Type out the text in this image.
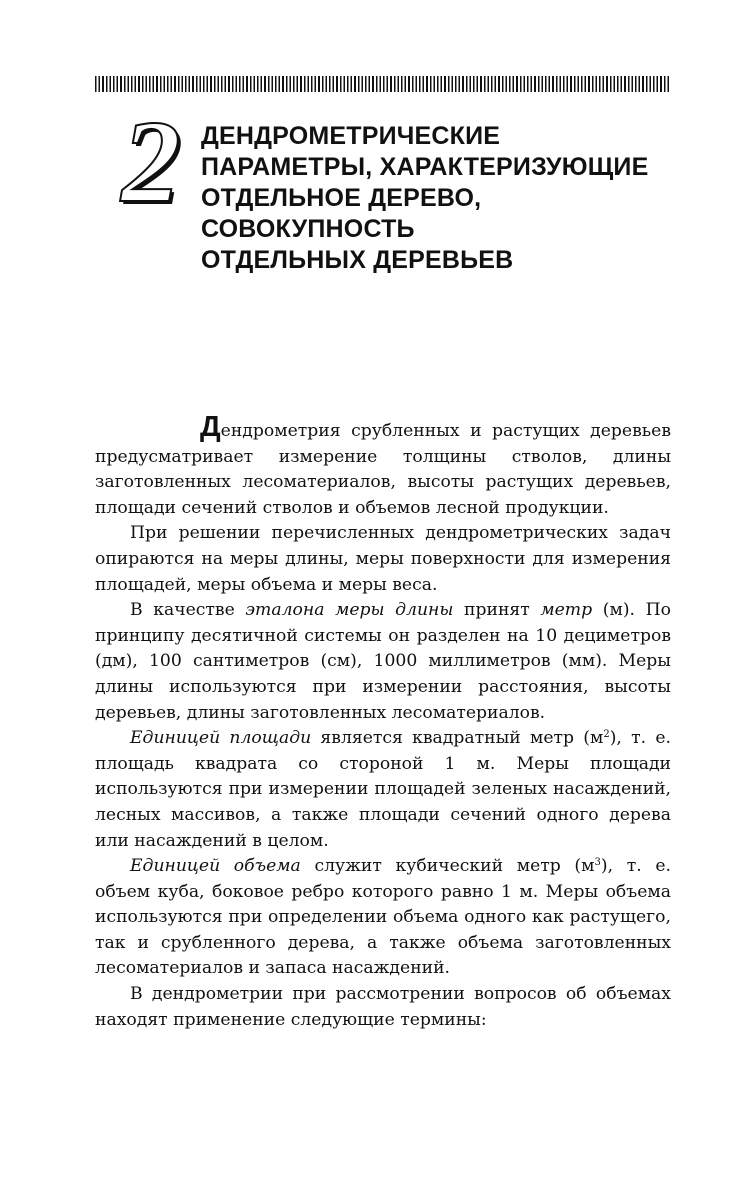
2 ДЕНДРОМЕТРИЧЕСКИЕ
ПАРАМЕТРЫ, ХАРАКТЕРИЗУЮЩИЕ
ОТДЕЛЬНОЕ ДЕРЕВО,
СОВОКУПНОСТЬ
ОТДЕЛЬНЫХ ДЕРЕВЬЕВ

Дендрометрия срубленных и растущих деревьев предусматривает измерение толщины стволов, длины заготовленных лесоматериалов, высоты растущих деревьев, площади сечений стволов и объемов лесной продукции.

При решении перечисленных дендрометрических задач опираются на меры длины, меры поверхности для измерения площадей, меры объема и меры веса.

В качестве эталона меры длины принят метр (м). По принципу десятичной системы он разделен на 10 дециметров (дм), 100 сантиметров (см), 1000 миллиметров (мм). Меры длины используются при измерении расстояния, высоты деревьев, длины заготовленных лесоматериалов.

Единицей площади является квадратный метр $(м^2)$, т. е. площадь квадрата со стороной 1 м. Меры площади используются при измерении площадей зеленых насаждений, лесных массивов, а также площади сечений одного дерева или насаждений в целом.

Единицей объема служит кубический метр $(м^3)$, т. е. объем куба, боковое ребро которого равно 1 м. Меры объема используются при определении объема одного как растущего, так и срубленного дерева, а также объема заготовленных лесоматериалов и запаса насаждений.

В дендрометрии при рассмотрении вопросов об объемах находят применение следующие термины:
